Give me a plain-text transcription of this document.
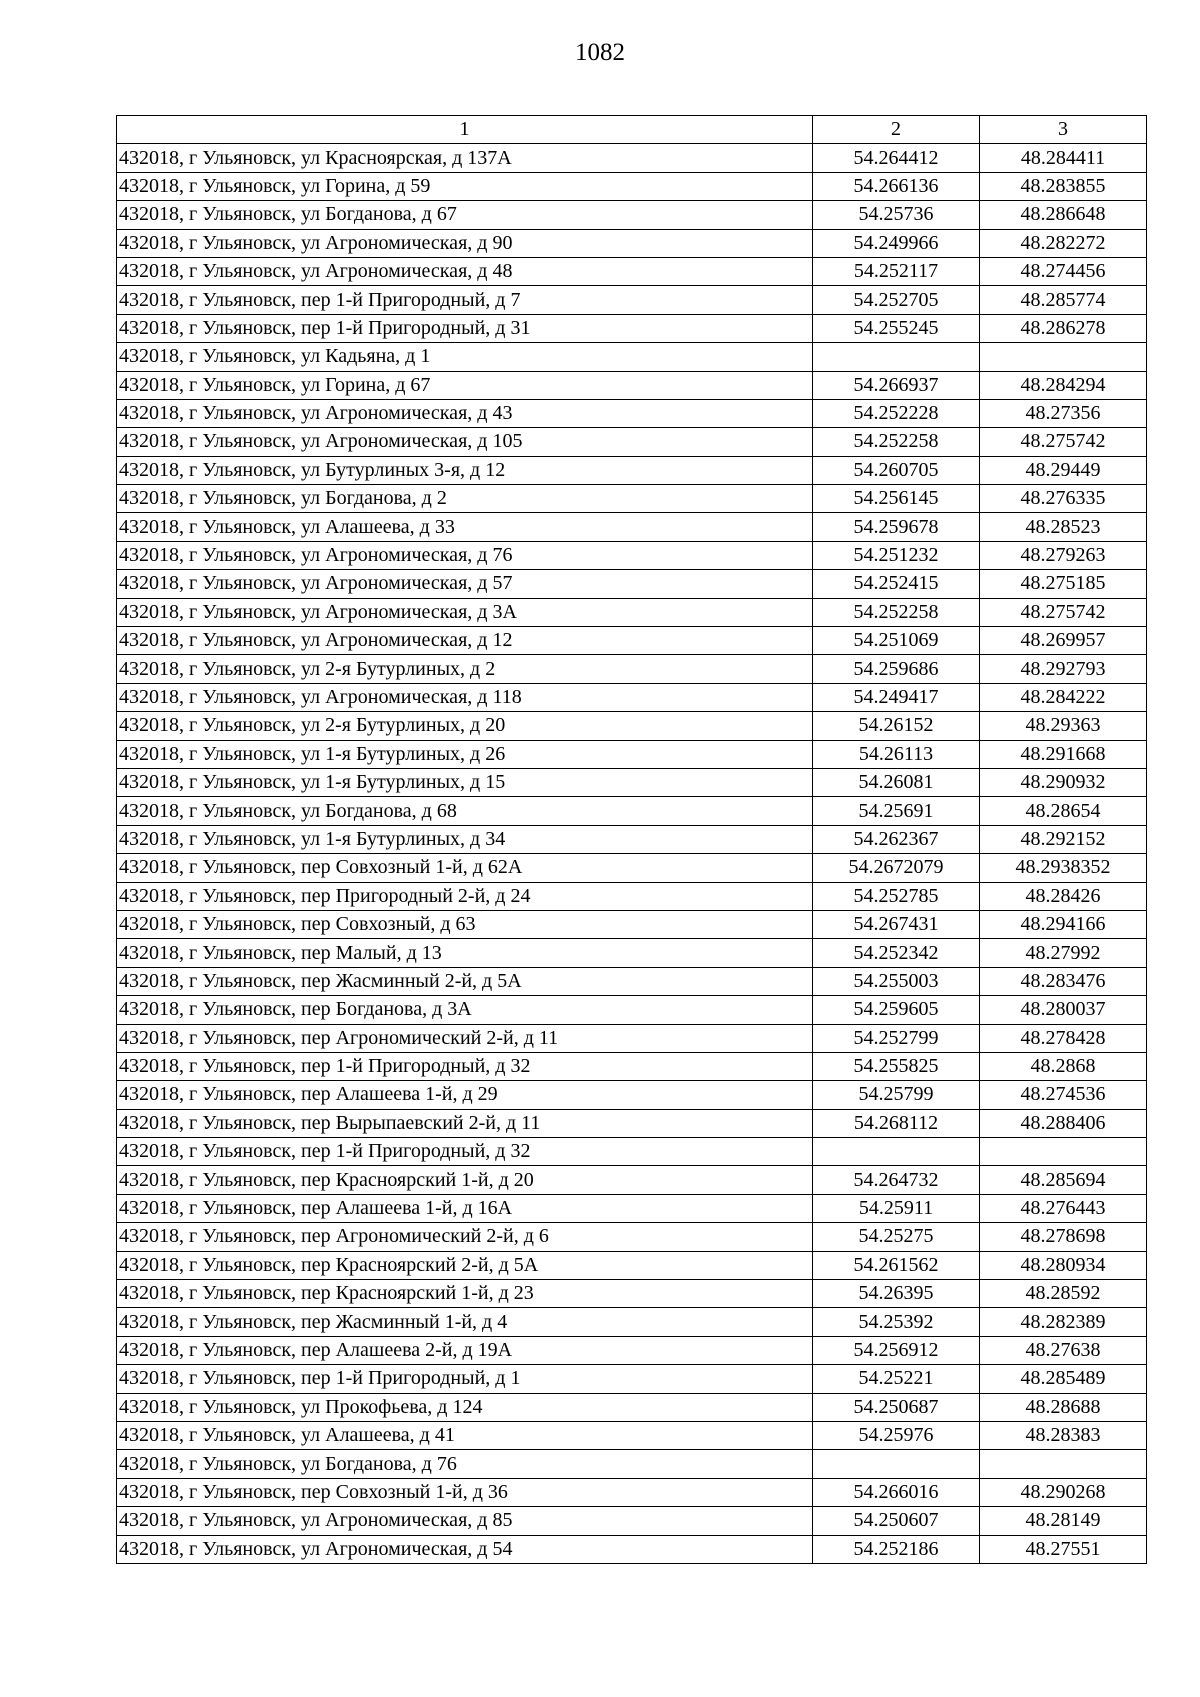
1082
1	2	3
432018, г Ульяновск, ул Красноярская, д 137А	54.264412	48.284411
432018, г Ульяновск, ул Горина, д 59	54.266136	48.283855
432018, г Ульяновск, ул Богданова, д 67	54.25736	48.286648
432018, г Ульяновск, ул Агрономическая, д 90	54.249966	48.282272
432018, г Ульяновск, ул Агрономическая, д 48	54.252117	48.274456
432018, г Ульяновск, пер 1-й Пригородный, д 7	54.252705	48.285774
432018, г Ульяновск, пер 1-й Пригородный, д 31	54.255245	48.286278
432018, г Ульяновск, ул Кадьяна, д 1		
432018, г Ульяновск, ул Горина, д 67	54.266937	48.284294
432018, г Ульяновск, ул Агрономическая, д 43	54.252228	48.27356
432018, г Ульяновск, ул Агрономическая, д 105	54.252258	48.275742
432018, г Ульяновск, ул Бутурлиных 3-я, д 12	54.260705	48.29449
432018, г Ульяновск, ул Богданова, д 2	54.256145	48.276335
432018, г Ульяновск, ул Алашеева, д 33	54.259678	48.28523
432018, г Ульяновск, ул Агрономическая, д 76	54.251232	48.279263
432018, г Ульяновск, ул Агрономическая, д 57	54.252415	48.275185
432018, г Ульяновск, ул Агрономическая, д 3А	54.252258	48.275742
432018, г Ульяновск, ул Агрономическая, д 12	54.251069	48.269957
432018, г Ульяновск, ул 2-я Бутурлиных, д 2	54.259686	48.292793
432018, г Ульяновск, ул Агрономическая, д 118	54.249417	48.284222
432018, г Ульяновск, ул 2-я Бутурлиных, д 20	54.26152	48.29363
432018, г Ульяновск, ул 1-я Бутурлиных, д 26	54.26113	48.291668
432018, г Ульяновск, ул 1-я Бутурлиных, д 15	54.26081	48.290932
432018, г Ульяновск, ул Богданова, д 68	54.25691	48.28654
432018, г Ульяновск, ул 1-я Бутурлиных, д 34	54.262367	48.292152
432018, г Ульяновск, пер Совхозный 1-й, д 62А	54.2672079	48.2938352
432018, г Ульяновск, пер Пригородный 2-й, д 24	54.252785	48.28426
432018, г Ульяновск, пер Совхозный, д 63	54.267431	48.294166
432018, г Ульяновск, пер Малый, д 13	54.252342	48.27992
432018, г Ульяновск, пер Жасминный 2-й, д 5А	54.255003	48.283476
432018, г Ульяновск, пер Богданова, д 3А	54.259605	48.280037
432018, г Ульяновск, пер Агрономический 2-й, д 11	54.252799	48.278428
432018, г Ульяновск, пер 1-й Пригородный, д 32	54.255825	48.2868
432018, г Ульяновск, пер Алашеева 1-й, д 29	54.25799	48.274536
432018, г Ульяновск, пер Вырыпаевский 2-й, д 11	54.268112	48.288406
432018, г Ульяновск, пер 1-й Пригородный, д 32		
432018, г Ульяновск, пер Красноярский 1-й, д 20	54.264732	48.285694
432018, г Ульяновск, пер Алашеева 1-й, д 16А	54.25911	48.276443
432018, г Ульяновск, пер Агрономический 2-й, д 6	54.25275	48.278698
432018, г Ульяновск, пер Красноярский 2-й, д 5А	54.261562	48.280934
432018, г Ульяновск, пер Красноярский 1-й, д 23	54.26395	48.28592
432018, г Ульяновск, пер Жасминный 1-й, д 4	54.25392	48.282389
432018, г Ульяновск, пер Алашеева 2-й, д 19А	54.256912	48.27638
432018, г Ульяновск, пер 1-й Пригородный, д 1	54.25221	48.285489
432018, г Ульяновск, ул Прокофьева, д 124	54.250687	48.28688
432018, г Ульяновск, ул Алашеева, д 41	54.25976	48.28383
432018, г Ульяновск, ул Богданова, д 76		
432018, г Ульяновск, пер Совхозный 1-й, д 36	54.266016	48.290268
432018, г Ульяновск, ул Агрономическая, д 85	54.250607	48.28149
432018, г Ульяновск, ул Агрономическая, д 54	54.252186	48.27551
